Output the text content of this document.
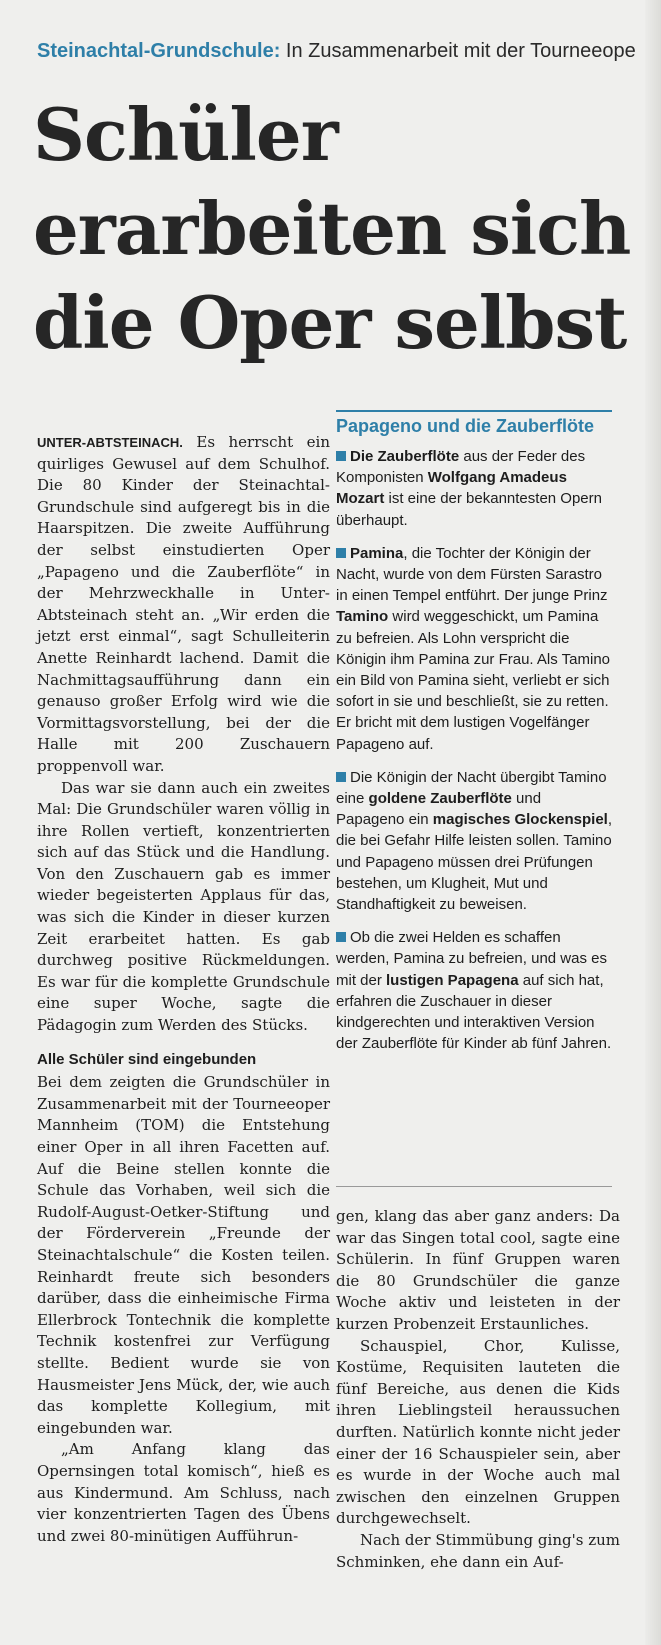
Steinachtal-Grundschule: In Zusammenarbeit mit der Tourneeope
Schüler
erarbeiten sich
die Oper selbst

UNTER-ABTSTEINACH. Es herrscht ein quirliges Gewusel auf dem Schulhof. Die 80 Kinder der Steinachtal-Grundschule sind aufgeregt bis in die Haarspitzen. Die zweite Aufführung der selbst einstudierten Oper „Papageno und die Zauberflöte“ in der Mehrzweckhalle in Unter-Abtsteinach steht an. „Wir erden die jetzt erst einmal“, sagt Schulleiterin Anette Reinhardt lachend. Damit die Nachmittagsaufführung dann ein genauso großer Erfolg wird wie die Vormittagsvorstellung, bei der die Halle mit 200 Zuschauern proppenvoll war.

Das war sie dann auch ein zweites Mal: Die Grundschüler waren völlig in ihre Rollen vertieft, konzentrierten sich auf das Stück und die Handlung. Von den Zuschauern gab es immer wieder begeisterten Applaus für das, was sich die Kinder in dieser kurzen Zeit erarbeitet hatten. Es gab durchweg positive Rückmeldungen. Es war für die komplette Grundschule eine super Woche, sagte die Pädagogin zum Werden des Stücks.

Alle Schüler sind eingebunden

Bei dem zeigten die Grundschüler in Zusammenarbeit mit der Tourneeoper Mannheim (TOM) die Entstehung einer Oper in all ihren Facetten auf. Auf die Beine stellen konnte die Schule das Vorhaben, weil sich die Rudolf-August-Oetker-Stiftung und der Förderverein „Freunde der Steinachtalschule“ die Kosten teilen. Reinhardt freute sich besonders darüber, dass die einheimische Firma Ellerbrock Tontechnik die komplette Technik kostenfrei zur Verfügung stellte. Bedient wurde sie von Hausmeister Jens Mück, der, wie auch das komplette Kollegium, mit eingebunden war.

„Am Anfang klang das Opernsingen total komisch“, hieß es aus Kindermund. Am Schluss, nach vier konzentrierten Tagen des Übens und zwei 80-minütigen Aufführun-

Papageno und die Zauberflöte

Die Zauberflöte aus der Feder des Komponisten Wolfgang Amadeus Mozart ist eine der bekanntesten Opern überhaupt.

Pamina, die Tochter der Königin der Nacht, wurde von dem Fürsten Sarastro in einen Tempel entführt. Der junge Prinz Tamino wird weggeschickt, um Pamina zu befreien. Als Lohn verspricht die Königin ihm Pamina zur Frau. Als Tamino ein Bild von Pamina sieht, verliebt er sich sofort in sie und beschließt, sie zu retten. Er bricht mit dem lustigen Vogelfänger Papageno auf.

Die Königin der Nacht übergibt Tamino eine goldene Zauberflöte und Papageno ein magisches Glockenspiel, die bei Gefahr Hilfe leisten sollen. Tamino und Papageno müssen drei Prüfungen bestehen, um Klugheit, Mut und Standhaftigkeit zu beweisen.

Ob die zwei Helden es schaffen werden, Pamina zu befreien, und was es mit der lustigen Papagena auf sich hat, erfahren die Zuschauer in dieser kindgerechten und interaktiven Version der Zauberflöte für Kinder ab fünf Jahren.

gen, klang das aber ganz anders: Da war das Singen total cool, sagte eine Schülerin. In fünf Gruppen waren die 80 Grundschüler die ganze Woche aktiv und leisteten in der kurzen Probenzeit Erstaunliches.

Schauspiel, Chor, Kulisse, Kostüme, Requisiten lauteten die fünf Bereiche, aus denen die Kids ihren Lieblingsteil heraussuchen durften. Natürlich konnte nicht jeder einer der 16 Schauspieler sein, aber es wurde in der Woche auch mal zwischen den einzelnen Gruppen durchgewechselt.

Nach der Stimmübung ging's zum Schminken, ehe dann ein Auf-
